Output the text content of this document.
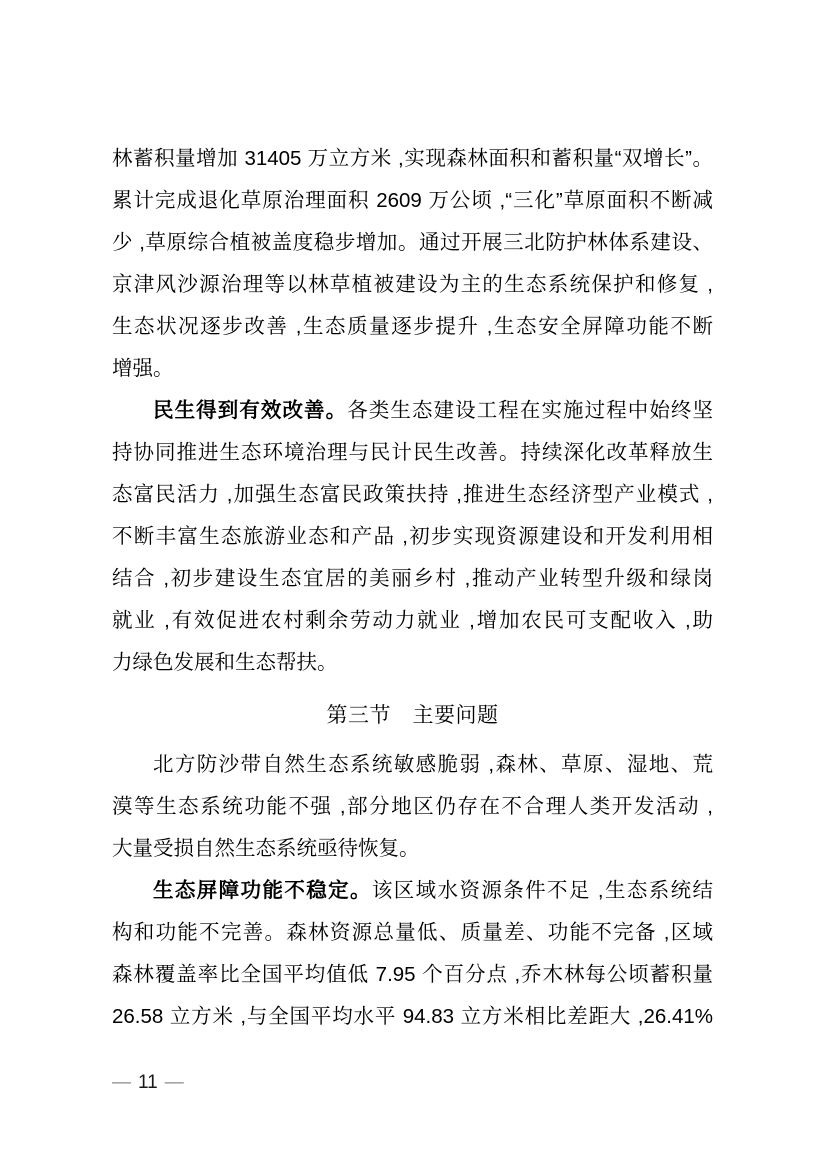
林蓄积量增加 31405 万立方米 ,实现森林面积和蓄积量“双增长”。
累计完成退化草原治理面积 2609 万公顷 ,“三化”草原面积不断减
少 ,草原综合植被盖度稳步增加。通过开展三北防护林体系建设、
京津风沙源治理等以林草植被建设为主的生态系统保护和修复 ,
生态状况逐步改善 ,生态质量逐步提升 ,生态安全屏障功能不断
增强。
民生得到有效改善。各类生态建设工程在实施过程中始终坚
持协同推进生态环境治理与民计民生改善。持续深化改革释放生
态富民活力 ,加强生态富民政策扶持 ,推进生态经济型产业模式 ,
不断丰富生态旅游业态和产品 ,初步实现资源建设和开发利用相
结合 ,初步建设生态宜居的美丽乡村 ,推动产业转型升级和绿岗
就业 ,有效促进农村剩余劳动力就业 ,增加农民可支配收入 ,助
力绿色发展和生态帮扶。
第三节　主要问题
北方防沙带自然生态系统敏感脆弱 ,森林、草原、湿地、荒
漠等生态系统功能不强 ,部分地区仍存在不合理人类开发活动 ,
大量受损自然生态系统亟待恢复。
生态屏障功能不稳定。该区域水资源条件不足 ,生态系统结
构和功能不完善。森林资源总量低、质量差、功能不完备 ,区域
森林覆盖率比全国平均值低 7.95 个百分点 ,乔木林每公顷蓄积量
26.58 立方米 ,与全国平均水平 94.83 立方米相比差距大 ,26.41%
— 11 —
